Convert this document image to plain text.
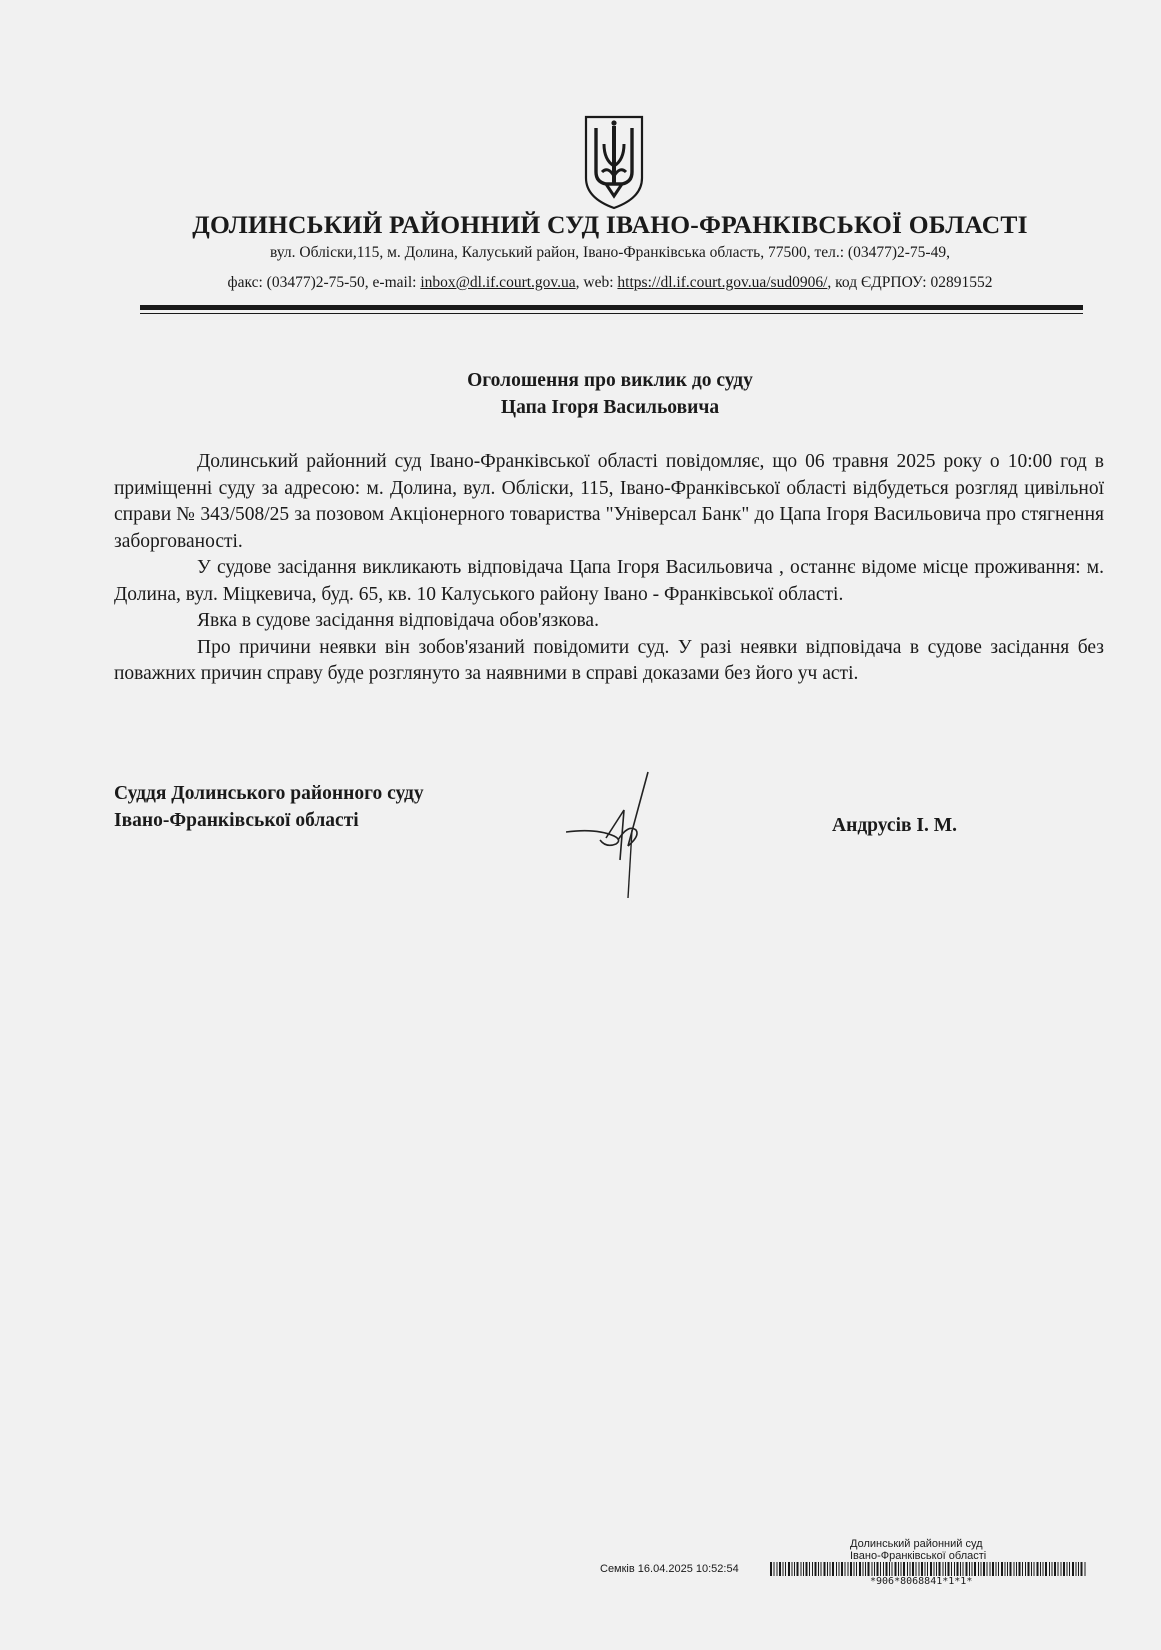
ДОЛИНСЬКИЙ РАЙОННИЙ СУД ІВАНО-ФРАНКІВСЬКОЇ ОБЛАСТІ
вул. Обліски,115, м. Долина, Калуський район, Івано-Франківська область, 77500, тел.: (03477)2-75-49,
факс: (03477)2-75-50, e-mail: inbox@dl.if.court.gov.ua, web: https://dl.if.court.gov.ua/sud0906/, код ЄДРПОУ: 02891552
Оголошення про виклик до суду
Цапа Ігоря Васильовича

Долинський районний суд Івано-Франківської області повідомляє, що 06 травня 2025 року о 10:00 год в приміщенні суду за адресою: м. Долина, вул. Обліски, 115, Івано-Франківської області відбудеться розгляд цивільної справи № 343/508/25 за позовом Акціонерного товариства "Універсал Банк" до Цапа Ігоря Васильовича про стягнення заборгованості.

У судове засідання викликають відповідача Цапа Ігоря Васильовича , останнє відоме місце проживання: м. Долина, вул. Міцкевича, буд. 65, кв. 10 Калуського району Івано - Франківської області.

Явка в судове засідання відповідача обов'язкова.

Про причини неявки він зобов'язаний повідомити суд. У разі неявки відповідача в судове засідання без поважних причин справу буде розглянуто за наявними в справі доказами без його уч асті.

Суддя Долинського районного суду
Івано-Франківської області	Андрусів І. М.
Долинський районний суд
Івано-Франківської області
Семків 16.04.2025 10:52:54
*906*8068841*1*1*
